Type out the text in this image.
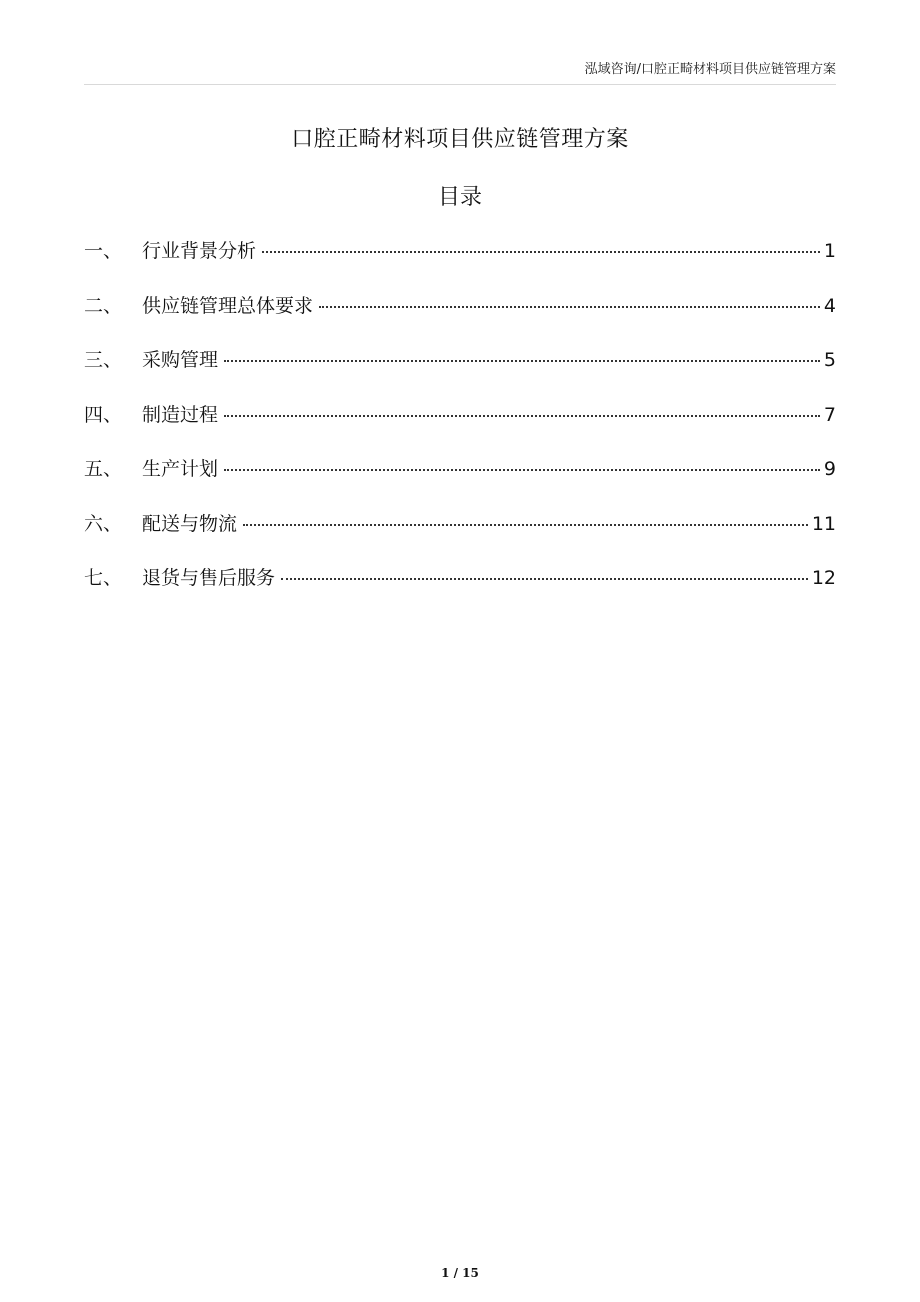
泓域咨询/口腔正畸材料项目供应链管理方案
口腔正畸材料项目供应链管理方案
目录
一、	行业背景分析	1
二、	供应链管理总体要求	4
三、	采购管理	5
四、	制造过程	7
五、	生产计划	9
六、	配送与物流	11
七、	退货与售后服务	12
1 / 15
